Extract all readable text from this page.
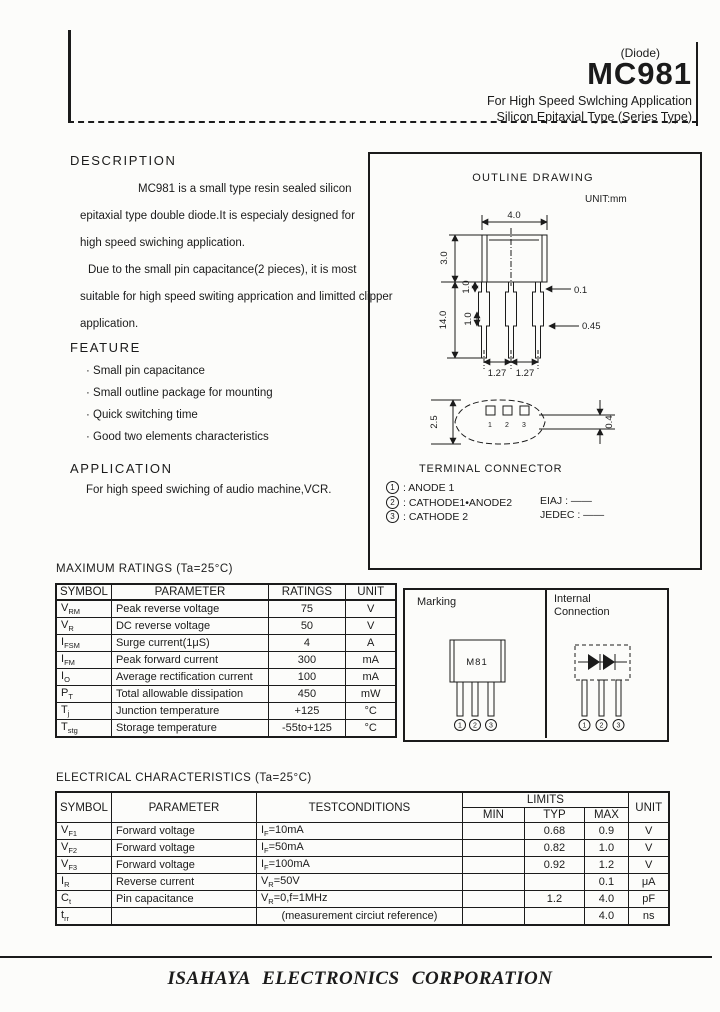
(Diode)
MC981
For High Speed Swlching Application
Silicon Epitaxial Type (Series Type)
DESCRIPTION
MC981 is a small type resin sealed silicon
epitaxial type double diode.It is especialy designed for
high speed swiching application.
Due to the small pin capacitance(2 pieces), it is most
suitable for high speed switing apprication and limitted clipper
application.
FEATURE
· Small pin capacitance
· Small outline package for mounting
· Quick switching time
· Good two elements characteristics
APPLICATION
For high speed swiching of audio machine,VCR.
OUTLINE DRAWING
UNIT:mm
4.0
3.0
14.0
1.0
1.0
0.1
0.45
1.27 1.27
1 2 3
2.5	0.4
TERMINAL CONNECTOR
1 : ANODE 1
2 : CATHODE1•ANODE2
3 : CATHODE 2
EIAJ : ——
JEDEC : ——
MAXIMUM RATINGS (Ta=25°C)
SYMBOL	PARAMETER	RATINGS	UNIT
$V_{RM}$	Peak reverse voltage	75	V
$V_R$	DC reverse voltage	50	V
$I_{FSM}$	Surge current(1μS)	4	A
$I_{FM}$	Peak forward current	300	mA
$I_O$	Average rectification current	100	mA
$P_T$	Total allowable dissipation	450	mW
$T_j$	Junction temperature	+125	°C
$T_{stg}$	Storage temperature	-55to+125	°C
Marking	Internal
Connection
M81
1 2 3	1 2 3
ELECTRICAL CHARACTERISTICS (Ta=25°C)
SYMBOL	PARAMETER	TESTCONDITIONS	LIMITS			UNIT
			MIN	TYP	MAX	
$V_{F1}$	Forward voltage	$I_F=10mA$		0.68	0.9	V
$V_{F2}$	Forward voltage	$I_F=50mA$		0.82	1.0	V
$V_{F3}$	Forward voltage	$I_F=100mA$		0.92	1.2	V
$I_R$	Reverse current	$V_R=50V$			0.1	μA
$C_t$	Pin capacitance	$V_R=0,f=1MHz$		1.2	4.0	pF
$t_{rr}$		(measurement circiut reference)			4.0	ns
ISAHAYA ELECTRONICS CORPORATION
